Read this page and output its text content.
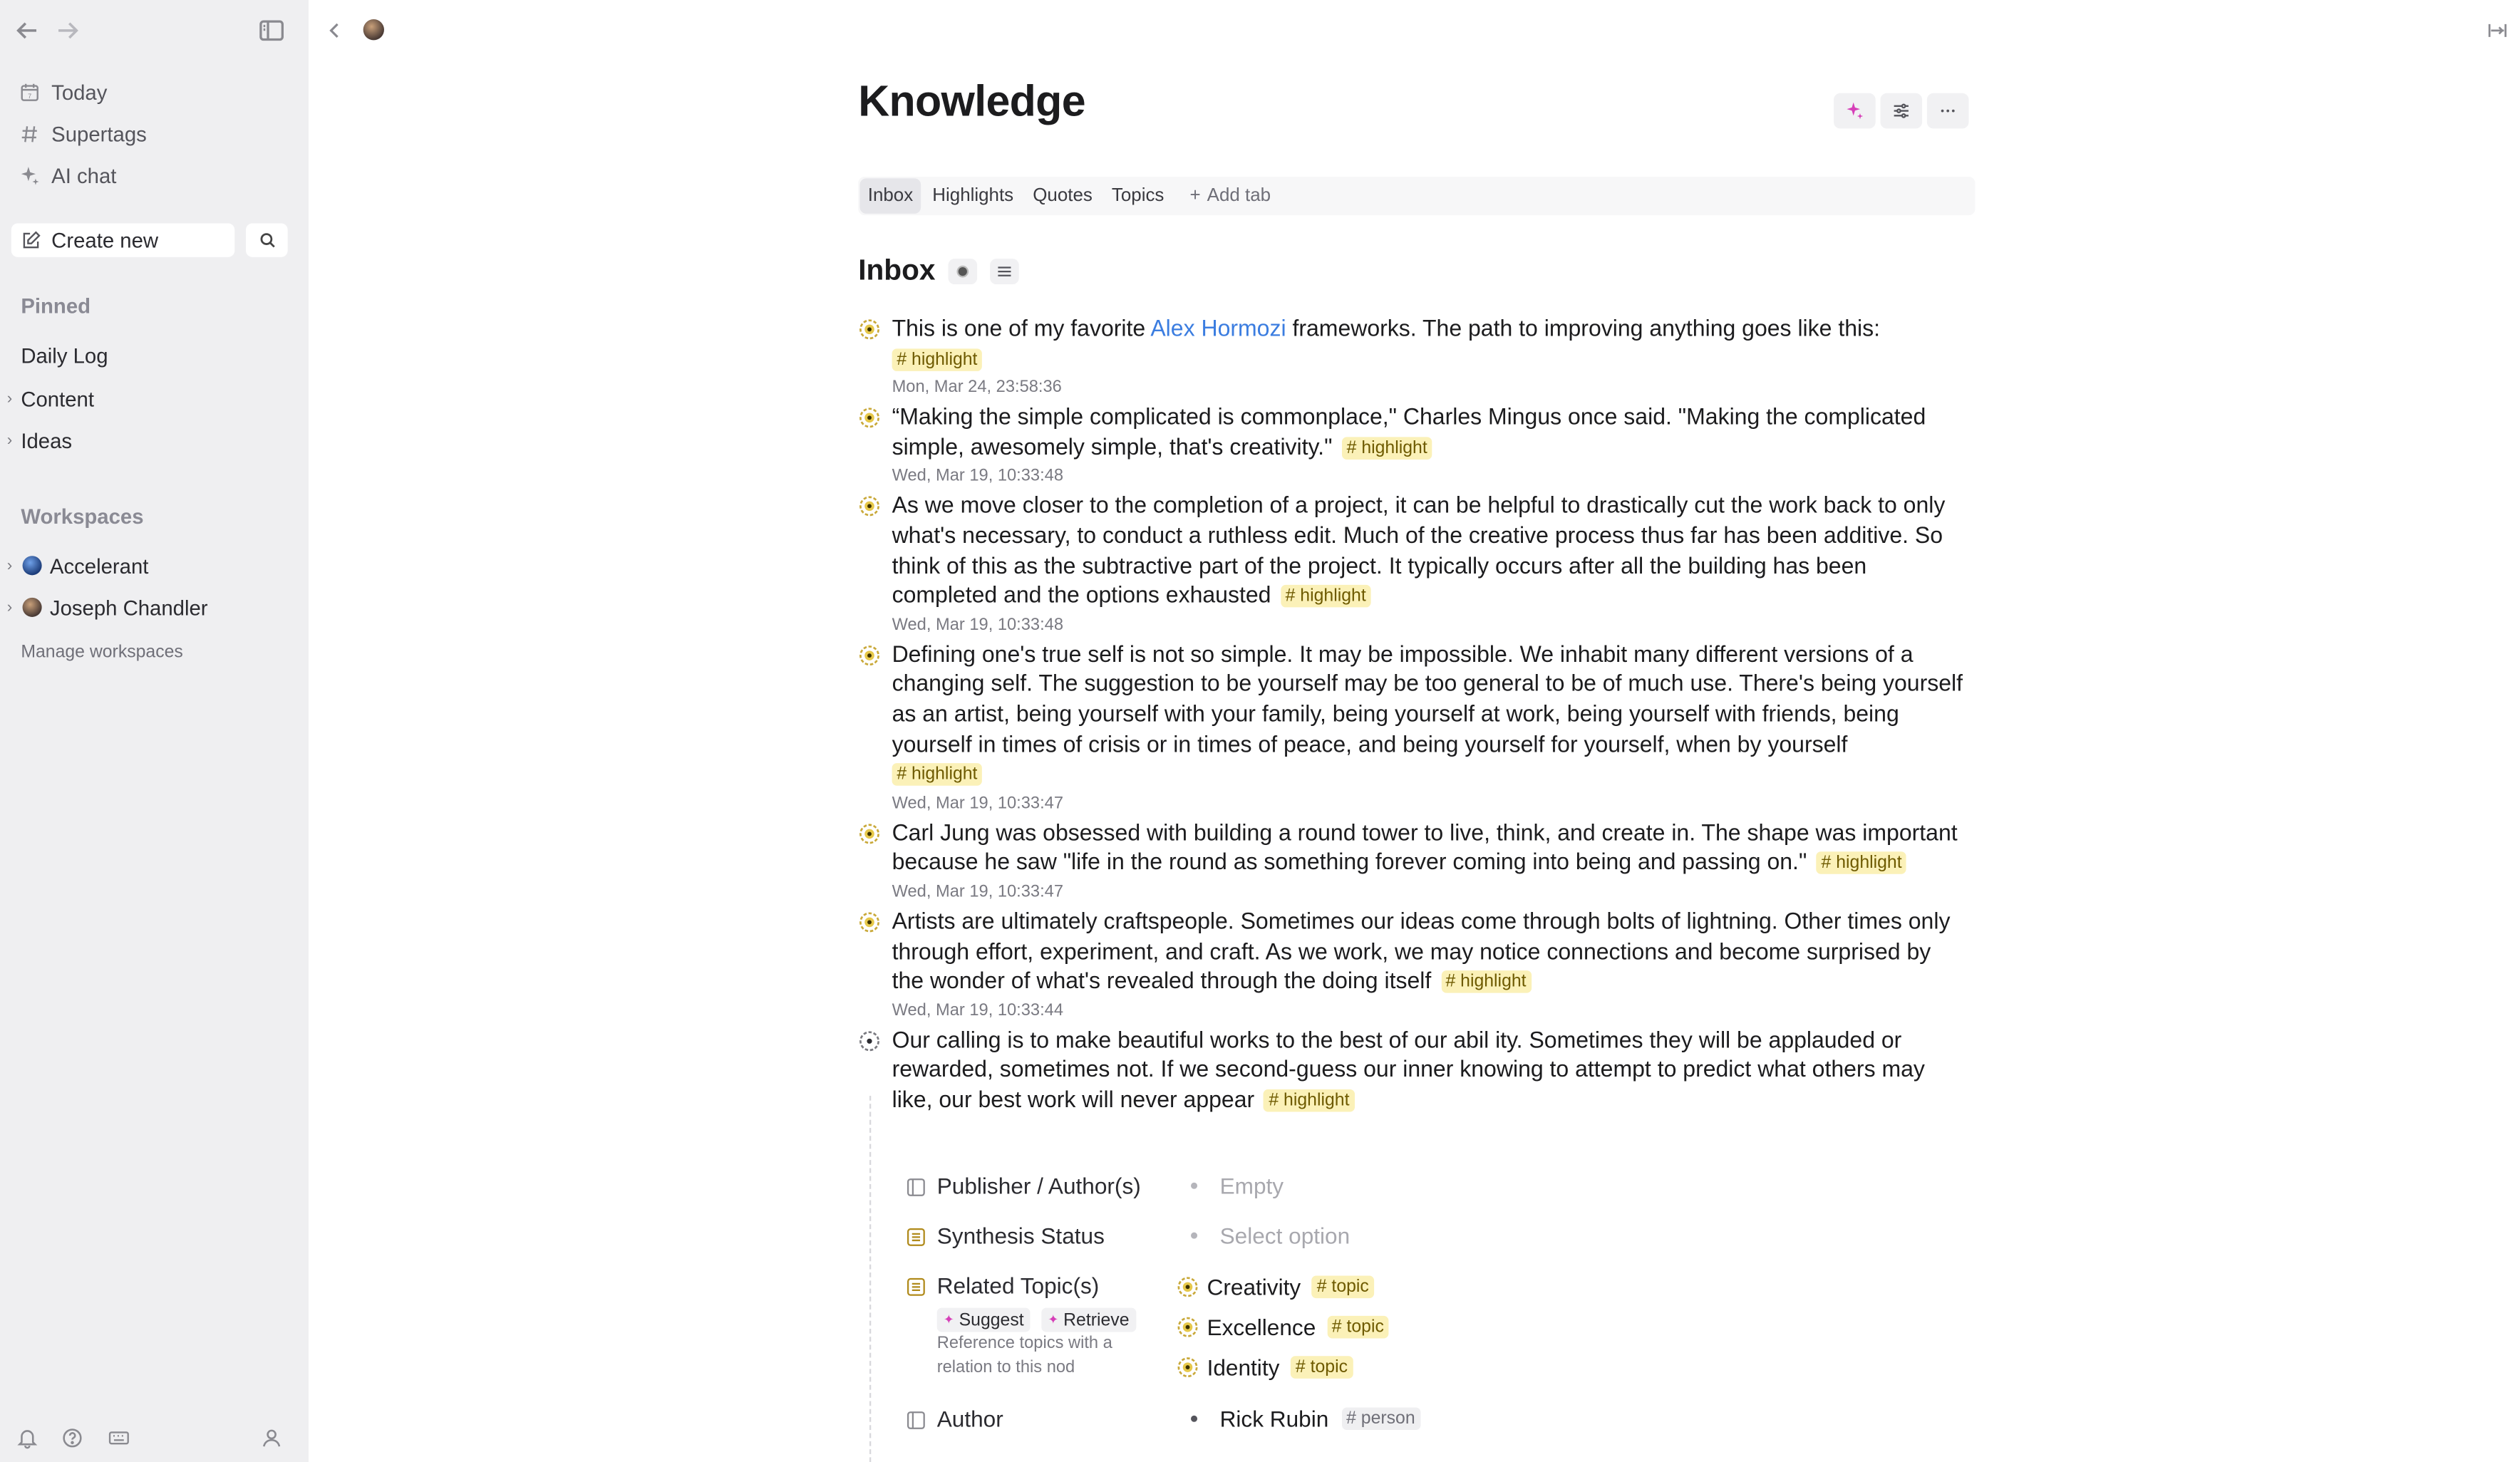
7 Today
Supertags
AI chat
Create new
Pinned
Daily Log
› Content
› Ideas
Workspaces
›	Accelerant
›	Joseph Chandler
Manage workspaces
Knowledge
Inbox Highlights Quotes Topics	+ Add tab
Inbox
This is one of my favorite Alex Hormozi frameworks. The path to improving anything goes like this:
# highlight
Mon, Mar 24, 23:58:36
“Making the simple complicated is commonplace," Charles Mingus once said. "Making the complicated simple, awesomely simple, that's creativity." # highlight
Wed, Mar 19, 10:33:48
As we move closer to the completion of a project, it can be helpful to drastically cut the work back to only what's necessary, to conduct a ruthless edit. Much of the creative process thus far has been additive. So think of this as the subtractive part of the project. It typically occurs after all the building has been completed and the options exhausted # highlight
Wed, Mar 19, 10:33:48
Defining one's true self is not so simple. It may be impossible. We inhabit many different versions of a changing self. The suggestion to be yourself may be too general to be of much use. There's being yourself as an artist, being yourself with your family, being yourself at work, being yourself with friends, being yourself in times of crisis or in times of peace, and being yourself for yourself, when by yourself
# highlight
Wed, Mar 19, 10:33:47
Carl Jung was obsessed with building a round tower to live, think, and create in. The shape was important because he saw "life in the round as something forever coming into being and passing on." # highlight
Wed, Mar 19, 10:33:47
Artists are ultimately craftspeople. Sometimes our ideas come through bolts of lightning. Other times only through effort, experiment, and craft. As we work, we may notice connections and become surprised by the wonder of what's revealed through the doing itself # highlight
Wed, Mar 19, 10:33:44
Our calling is to make beautiful works to the best of our abil ity. Sometimes they will be applauded or rewarded, sometimes not. If we second-guess our inner knowing to attempt to predict what others may like, our best work will never appear # highlight
Publisher / Author(s)	Empty
Synthesis Status	Select option
Related Topic(s)
✦ Suggest
	✦ Retrieve
Reference topics with a relation to this nod
Creativity	# topic
Excellence	# topic
Identity	# topic
Author	Rick Rubin	# person
